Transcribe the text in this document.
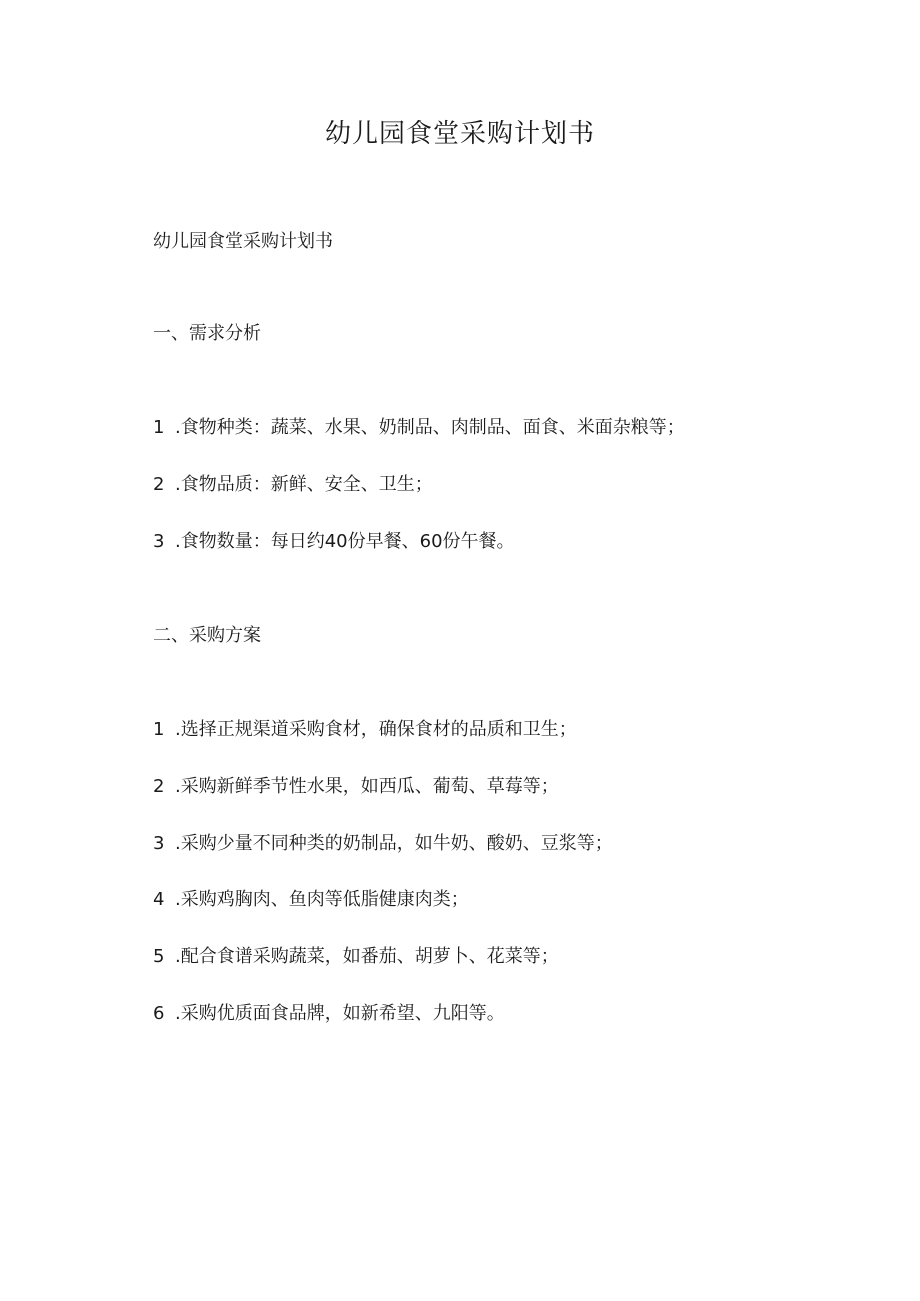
幼儿园食堂采购计划书
幼儿园食堂采购计划书
一、需求分析
1 .食物种类：蔬菜、水果、奶制品、肉制品、面食、米面杂粮等；
2 .食物品质：新鲜、安全、卫生；
3 .食物数量：每日约40份早餐、60份午餐。
二、采购方案
1 .选择正规渠道采购食材，确保食材的品质和卫生；
2 .采购新鲜季节性水果，如西瓜、葡萄、草莓等；
3 .采购少量不同种类的奶制品，如牛奶、酸奶、豆浆等；
4 .采购鸡胸肉、鱼肉等低脂健康肉类；
5 .配合食谱采购蔬菜，如番茄、胡萝卜、花菜等；
6 .采购优质面食品牌，如新希望、九阳等。
